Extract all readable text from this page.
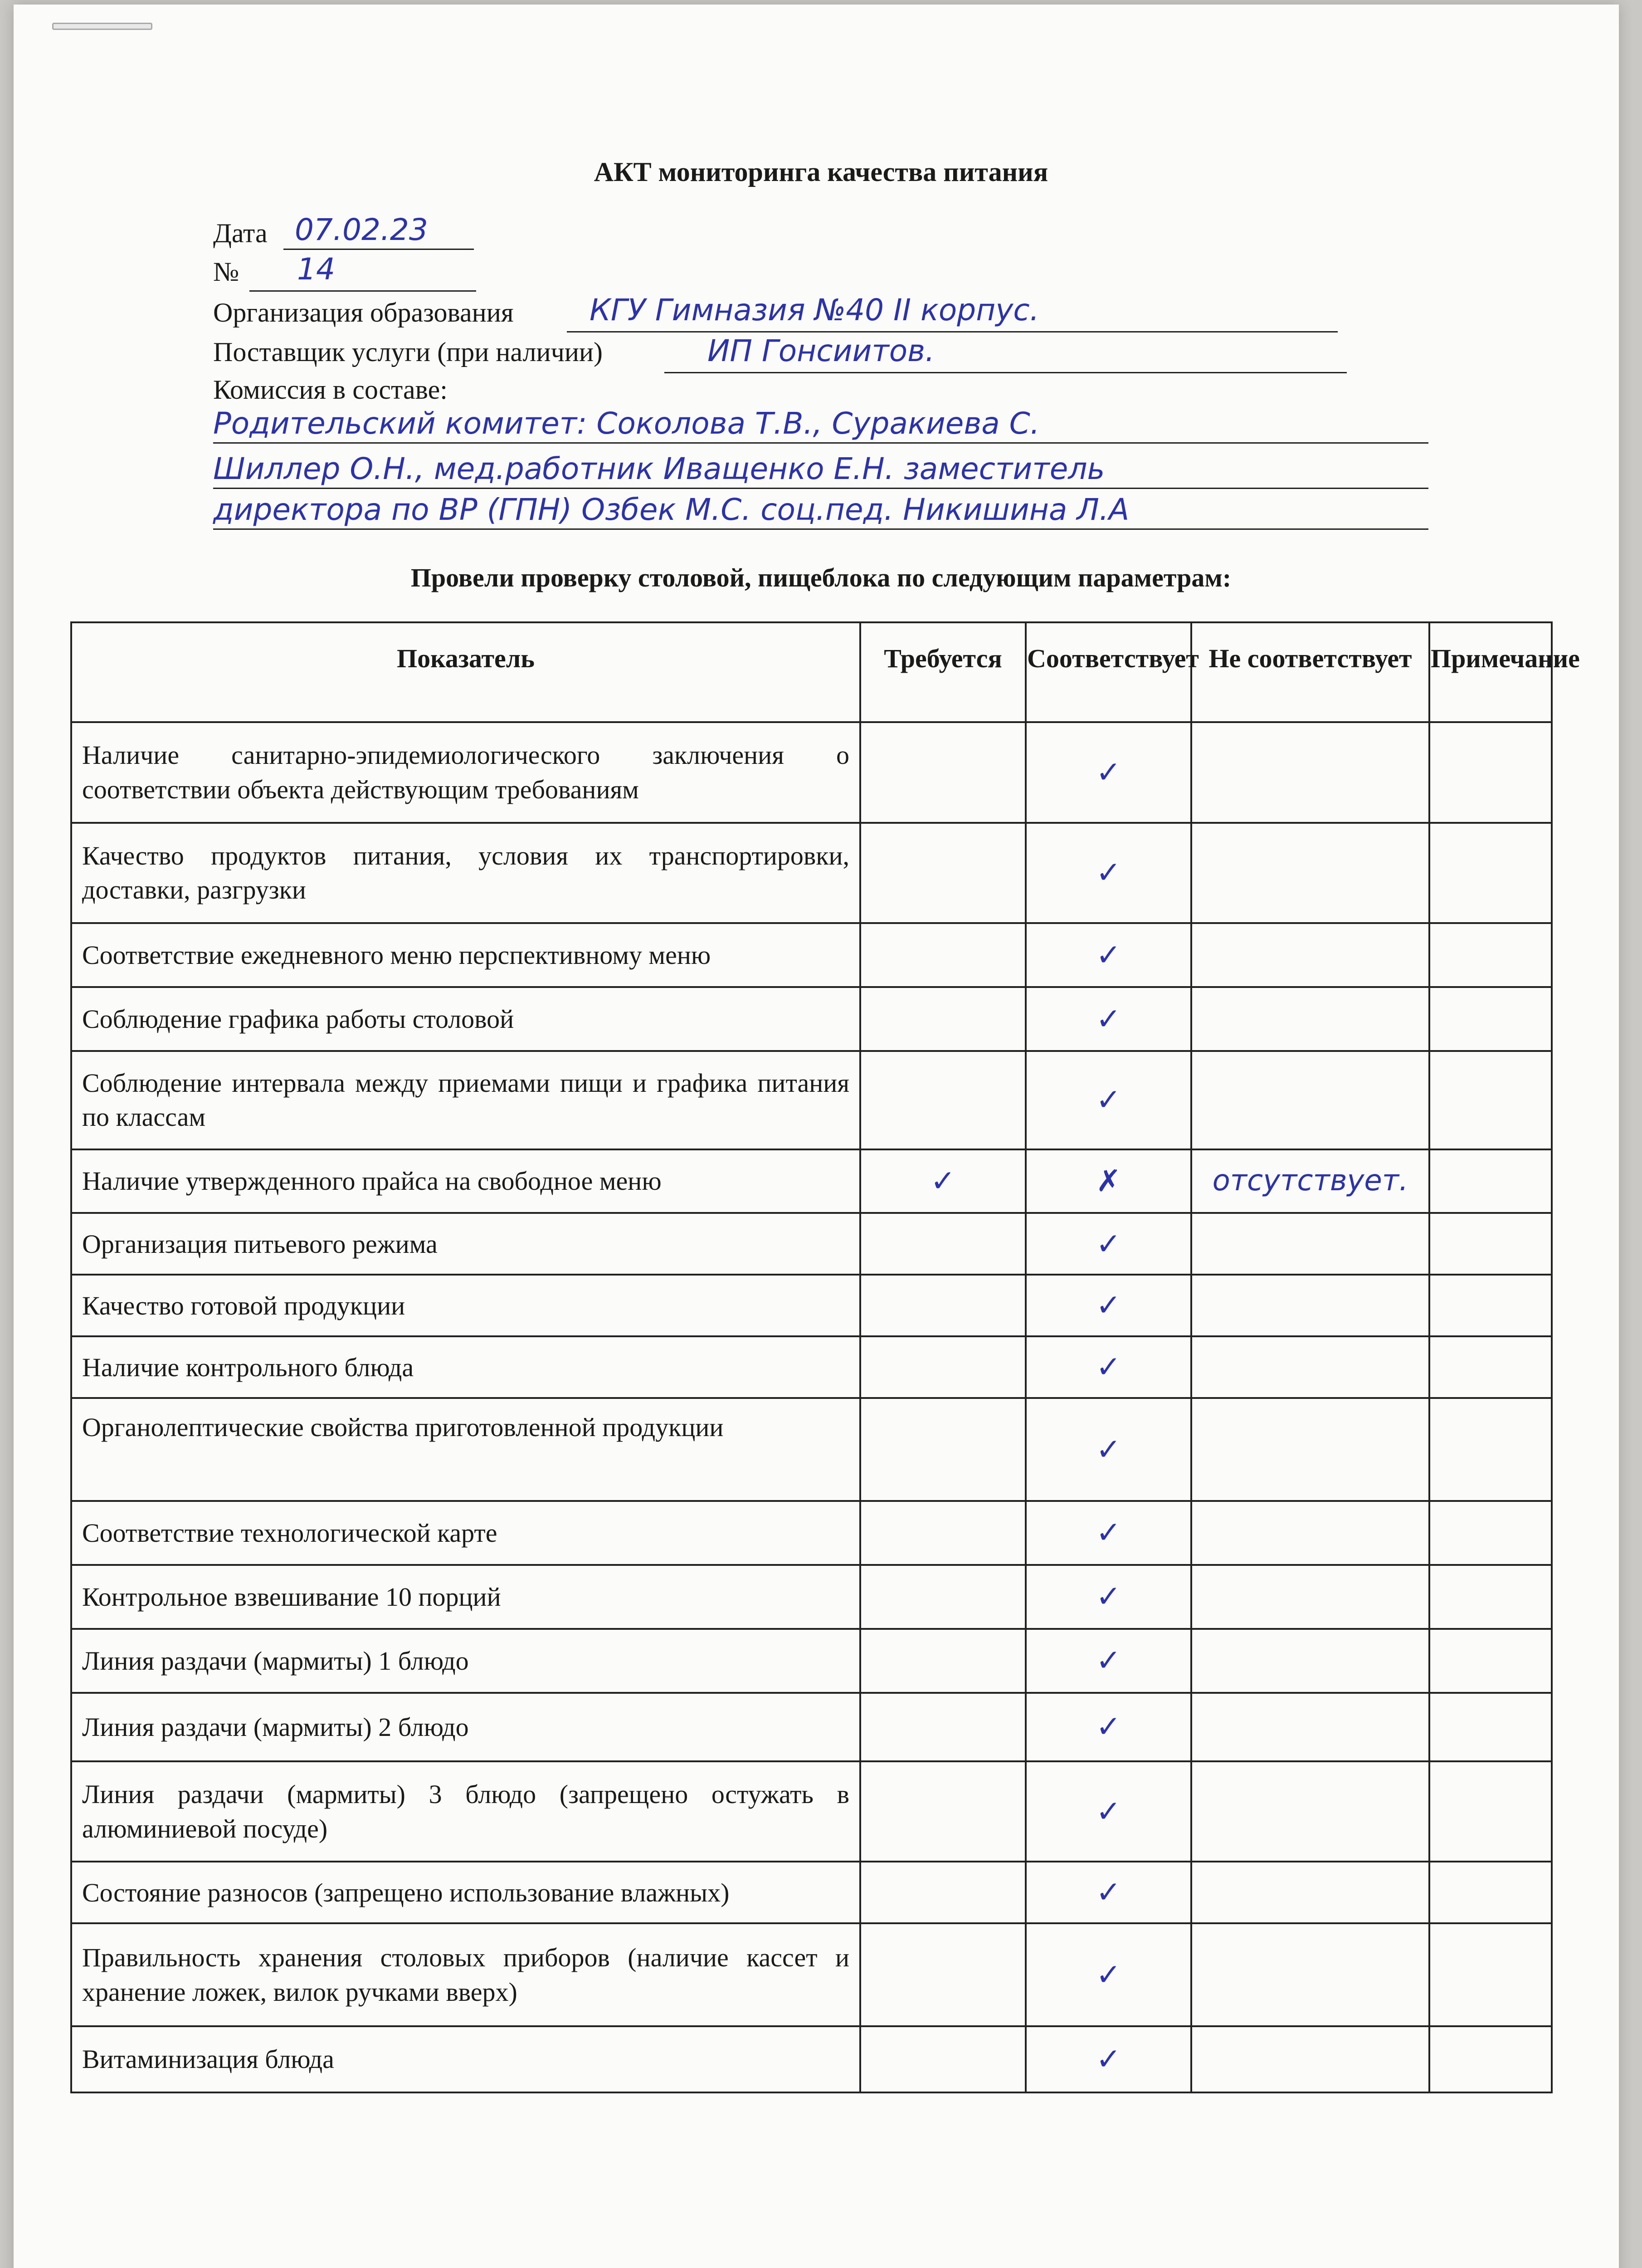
АКТ мониторинга качества питания
Дата 07.02.23
№ 14
Организация образования	КГУ Гимназия №40 II корпус.
Поставщик услуги (при наличии)	ИП Гонсиитов.
Комиссия в составе:
Родительский комитет: Соколова Т.В., Суракиева С.
Шиллер О.Н., мед.работник Иващенко Е.Н. заместитель
директора по ВР (ГПН) Озбек М.С. соц.пед. Никишина Л.А
Провели проверку столовой, пищеблока по следующим параметрам:
Показатель	Требуется	Соответствует	Не соответствует	Примечание
Наличие санитарно-эпидемиологического заключения о соответствии объекта действующим требованиям		✓		
Качество продуктов питания, условия их транспортировки, доставки, разгрузки		✓		
Соответствие ежедневного меню перспективному меню		✓		
Соблюдение графика работы столовой		✓		
Соблюдение интервала между приемами пищи и графика питания по классам		✓		
Наличие утвержденного прайса на свободное меню	✓	✗	отсутствует.	
Организация питьевого режима		✓		
Качество готовой продукции		✓		
Наличие контрольного блюда		✓		
Органолептические свойства приготовленной продукции		✓		
Соответствие технологической карте		✓		
Контрольное взвешивание 10 порций		✓		
Линия раздачи (мармиты) 1 блюдо		✓		
Линия раздачи (мармиты) 2 блюдо		✓		
Линия раздачи (мармиты) 3 блюдо (запрещено остужать в алюминиевой посуде)		✓		
Состояние разносов (запрещено использование влажных)		✓		
Правильность хранения столовых приборов (наличие кассет и хранение ложек, вилок ручками вверх)		✓		
Витаминизация блюда		✓		
